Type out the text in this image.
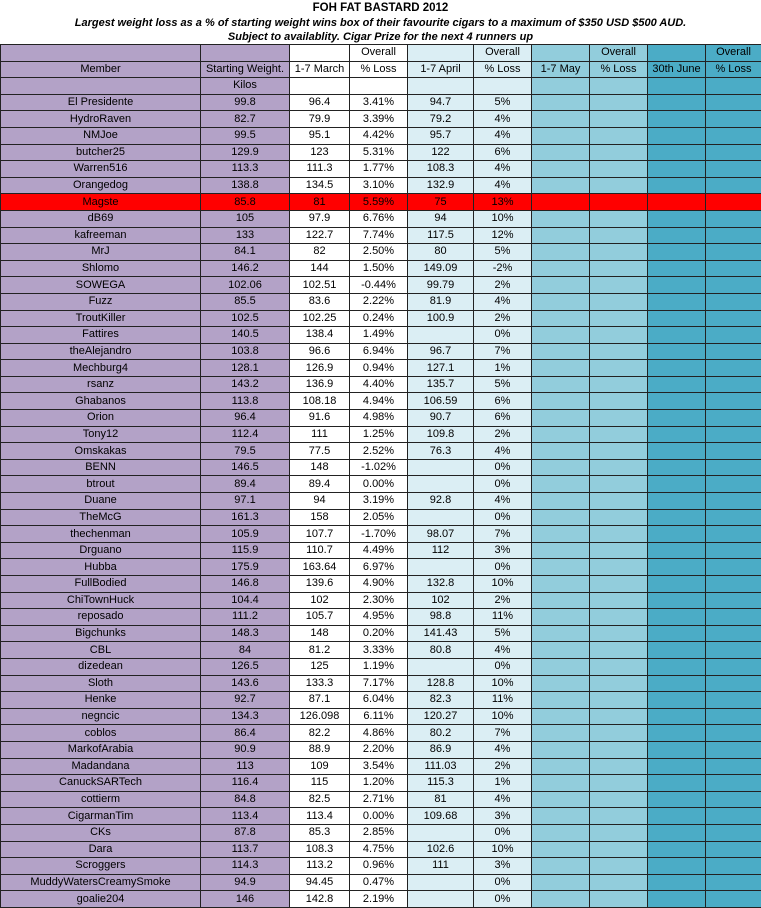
FOH FAT BASTARD 2012
Largest weight loss as a % of starting weight wins box of their favourite cigars to a maximum of $350 USD $500 AUD.
Subject to availablity. Cigar Prize for the next 4 runners up
			Overall		Overall		Overall		Overall
Member	Starting Weight.	1-7 March	% Loss	1-7 April	% Loss	1-7 May	% Loss	30th June	% Loss
	Kilos								
El Presidente	99.8	96.4	3.41%	94.7	5%				
HydroRaven	82.7	79.9	3.39%	79.2	4%				
NMJoe	99.5	95.1	4.42%	95.7	4%				
butcher25	129.9	123	5.31%	122	6%				
Warren516	113.3	111.3	1.77%	108.3	4%				
Orangedog	138.8	134.5	3.10%	132.9	4%				
Magste	85.8	81	5.59%	75	13%				
dB69	105	97.9	6.76%	94	10%				
kafreeman	133	122.7	7.74%	117.5	12%				
MrJ	84.1	82	2.50%	80	5%				
Shlomo	146.2	144	1.50%	149.09	-2%				
SOWEGA	102.06	102.51	-0.44%	99.79	2%				
Fuzz	85.5	83.6	2.22%	81.9	4%				
TroutKiller	102.5	102.25	0.24%	100.9	2%				
Fattires	140.5	138.4	1.49%		0%				
theAlejandro	103.8	96.6	6.94%	96.7	7%				
Mechburg4	128.1	126.9	0.94%	127.1	1%				
rsanz	143.2	136.9	4.40%	135.7	5%				
Ghabanos	113.8	108.18	4.94%	106.59	6%				
Orion	96.4	91.6	4.98%	90.7	6%				
Tony12	112.4	111	1.25%	109.8	2%				
Omskakas	79.5	77.5	2.52%	76.3	4%				
BENN	146.5	148	-1.02%		0%				
btrout	89.4	89.4	0.00%		0%				
Duane	97.1	94	3.19%	92.8	4%				
TheMcG	161.3	158	2.05%		0%				
thechenman	105.9	107.7	-1.70%	98.07	7%				
Drguano	115.9	110.7	4.49%	112	3%				
Hubba	175.9	163.64	6.97%		0%				
FullBodied	146.8	139.6	4.90%	132.8	10%				
ChiTownHuck	104.4	102	2.30%	102	2%				
reposado	111.2	105.7	4.95%	98.8	11%				
Bigchunks	148.3	148	0.20%	141.43	5%				
CBL	84	81.2	3.33%	80.8	4%				
dizedean	126.5	125	1.19%		0%				
Sloth	143.6	133.3	7.17%	128.8	10%				
Henke	92.7	87.1	6.04%	82.3	11%				
negncic	134.3	126.098	6.11%	120.27	10%				
coblos	86.4	82.2	4.86%	80.2	7%				
MarkofArabia	90.9	88.9	2.20%	86.9	4%				
Madandana	113	109	3.54%	111.03	2%				
CanuckSARTech	116.4	115	1.20%	115.3	1%				
cottierm	84.8	82.5	2.71%	81	4%				
CigarmanTim	113.4	113.4	0.00%	109.68	3%				
CKs	87.8	85.3	2.85%		0%				
Dara	113.7	108.3	4.75%	102.6	10%				
Scroggers	114.3	113.2	0.96%	111	3%				
MuddyWatersCreamySmoke	94.9	94.45	0.47%		0%				
goalie204	146	142.8	2.19%		0%				
